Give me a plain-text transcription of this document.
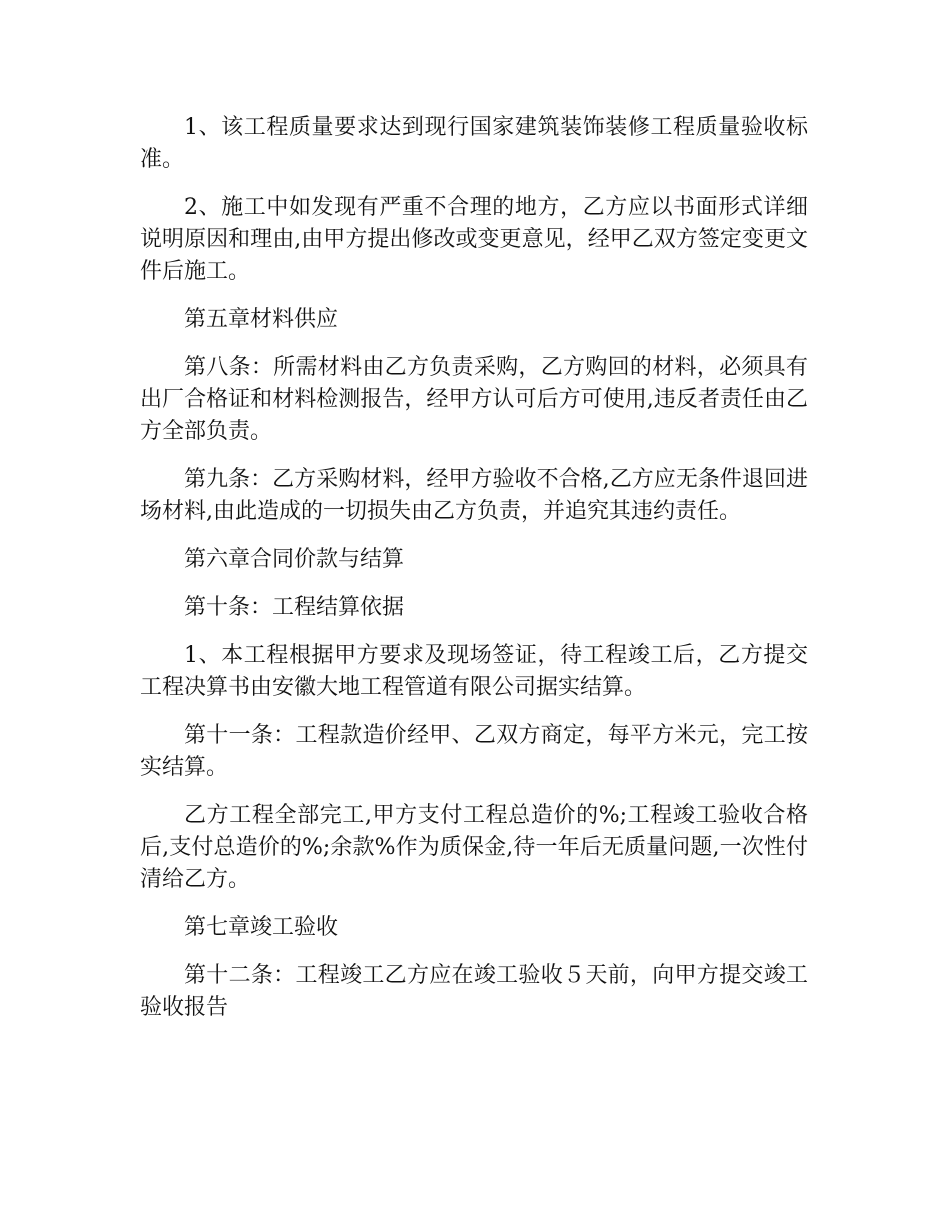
1、该工程质量要求达到现行国家建筑装饰装修工程质量验收标准。

2、施工中如发现有严重不合理的地方，乙方应以书面形式详细说明原因和理由,由甲方提出修改或变更意见，经甲乙双方签定变更文件后施工。

第五章材料供应

第八条：所需材料由乙方负责采购，乙方购回的材料，必须具有出厂合格证和材料检测报告，经甲方认可后方可使用,违反者责任由乙方全部负责。

第九条：乙方采购材料，经甲方验收不合格,乙方应无条件退回进场材料,由此造成的一切损失由乙方负责，并追究其违约责任。

第六章合同价款与结算

第十条：工程结算依据

1、本工程根据甲方要求及现场签证，待工程竣工后，乙方提交工程决算书由安徽大地工程管道有限公司据实结算。

第十一条：工程款造价经甲、乙双方商定，每平方米元，完工按实结算。

乙方工程全部完工,甲方支付工程总造价的%;工程竣工验收合格后,支付总造价的%;余款%作为质保金,待一年后无质量问题,一次性付清给乙方。

第七章竣工验收

第十二条：工程竣工乙方应在竣工验收５天前，向甲方提交竣工验收报告
